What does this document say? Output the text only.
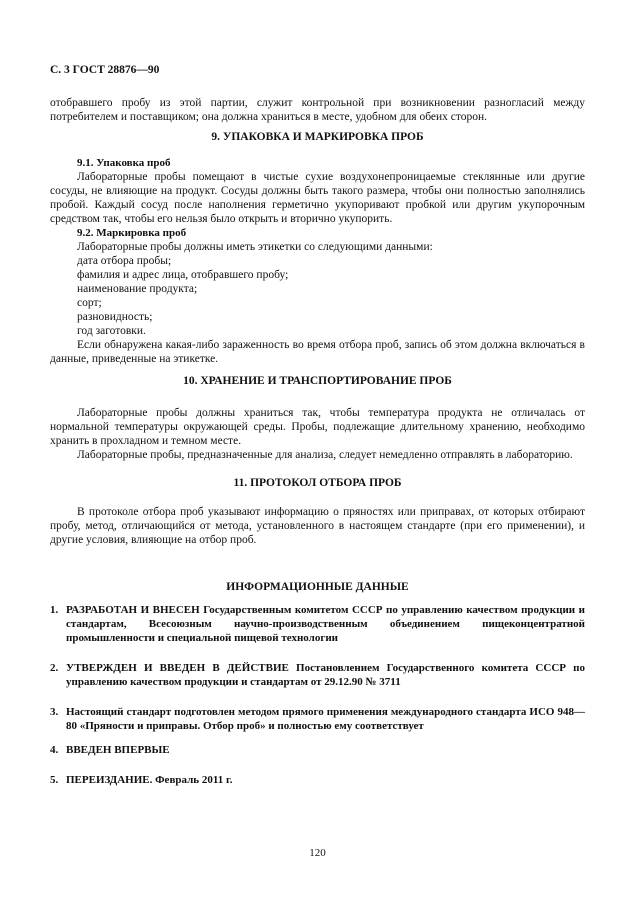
С. 3 ГОСТ 28876—90

отобравшего пробу из этой партии, служит контрольной при возникновении разногласий между потребителем и поставщиком; она должна храниться в месте, удобном для обеих сторон.

9. УПАКОВКА И МАРКИРОВКА ПРОБ
9.1. Упаковка проб

Лабораторные пробы помещают в чистые сухие воздухонепроницаемые стеклянные или другие сосуды, не влияющие на продукт. Сосуды должны быть такого размера, чтобы они полностью заполнялись пробой. Каждый сосуд после наполнения герметично укупоривают пробкой или другим укупорочным средством так, чтобы его нельзя было открыть и вторично укупорить.

9.2. Маркировка проб

Лабораторные пробы должны иметь этикетки со следующими данными:

дата отбора пробы;

фамилия и адрес лица, отобравшего пробу;

наименование продукта;

сорт;

разновидность;

год заготовки.

Если обнаружена какая-либо зараженность во время отбора проб, запись об этом должна включаться в данные, приведенные на этикетке.

10. ХРАНЕНИЕ И ТРАНСПОРТИРОВАНИЕ ПРОБ

Лабораторные пробы должны храниться так, чтобы температура продукта не отличалась от нормальной температуры окружающей среды. Пробы, подлежащие длительному хранению, необходимо хранить в прохладном и темном месте.

Лабораторные пробы, предназначенные для анализа, следует немедленно отправлять в лабораторию.

11. ПРОТОКОЛ ОТБОРА ПРОБ

В протоколе отбора проб указывают информацию о пряностях или приправах, от которых отбирают пробу, метод, отличающийся от метода, установленного в настоящем стандарте (при его применении), и другие условия, влияющие на отбор проб.

ИНФОРМАЦИОННЫЕ ДАННЫЕ
1. РАЗРАБОТАН И ВНЕСЕН Государственным комитетом СССР по управлению качеством продукции и стандартам, Всесоюзным научно-производственным объединением пищеконцентратной промышленности и специальной пищевой технологии
2. УТВЕРЖДЕН И ВВЕДЕН В ДЕЙСТВИЕ Постановлением Государственного комитета СССР по управлению качеством продукции и стандартам от 29.12.90 № 3711
3. Настоящий стандарт подготовлен методом прямого применения международного стандарта ИСО 948—80 «Пряности и приправы. Отбор проб» и полностью ему соответствует
4. ВВЕДЕН ВПЕРВЫЕ
5. ПЕРЕИЗДАНИЕ. Февраль 2011 г.
120
